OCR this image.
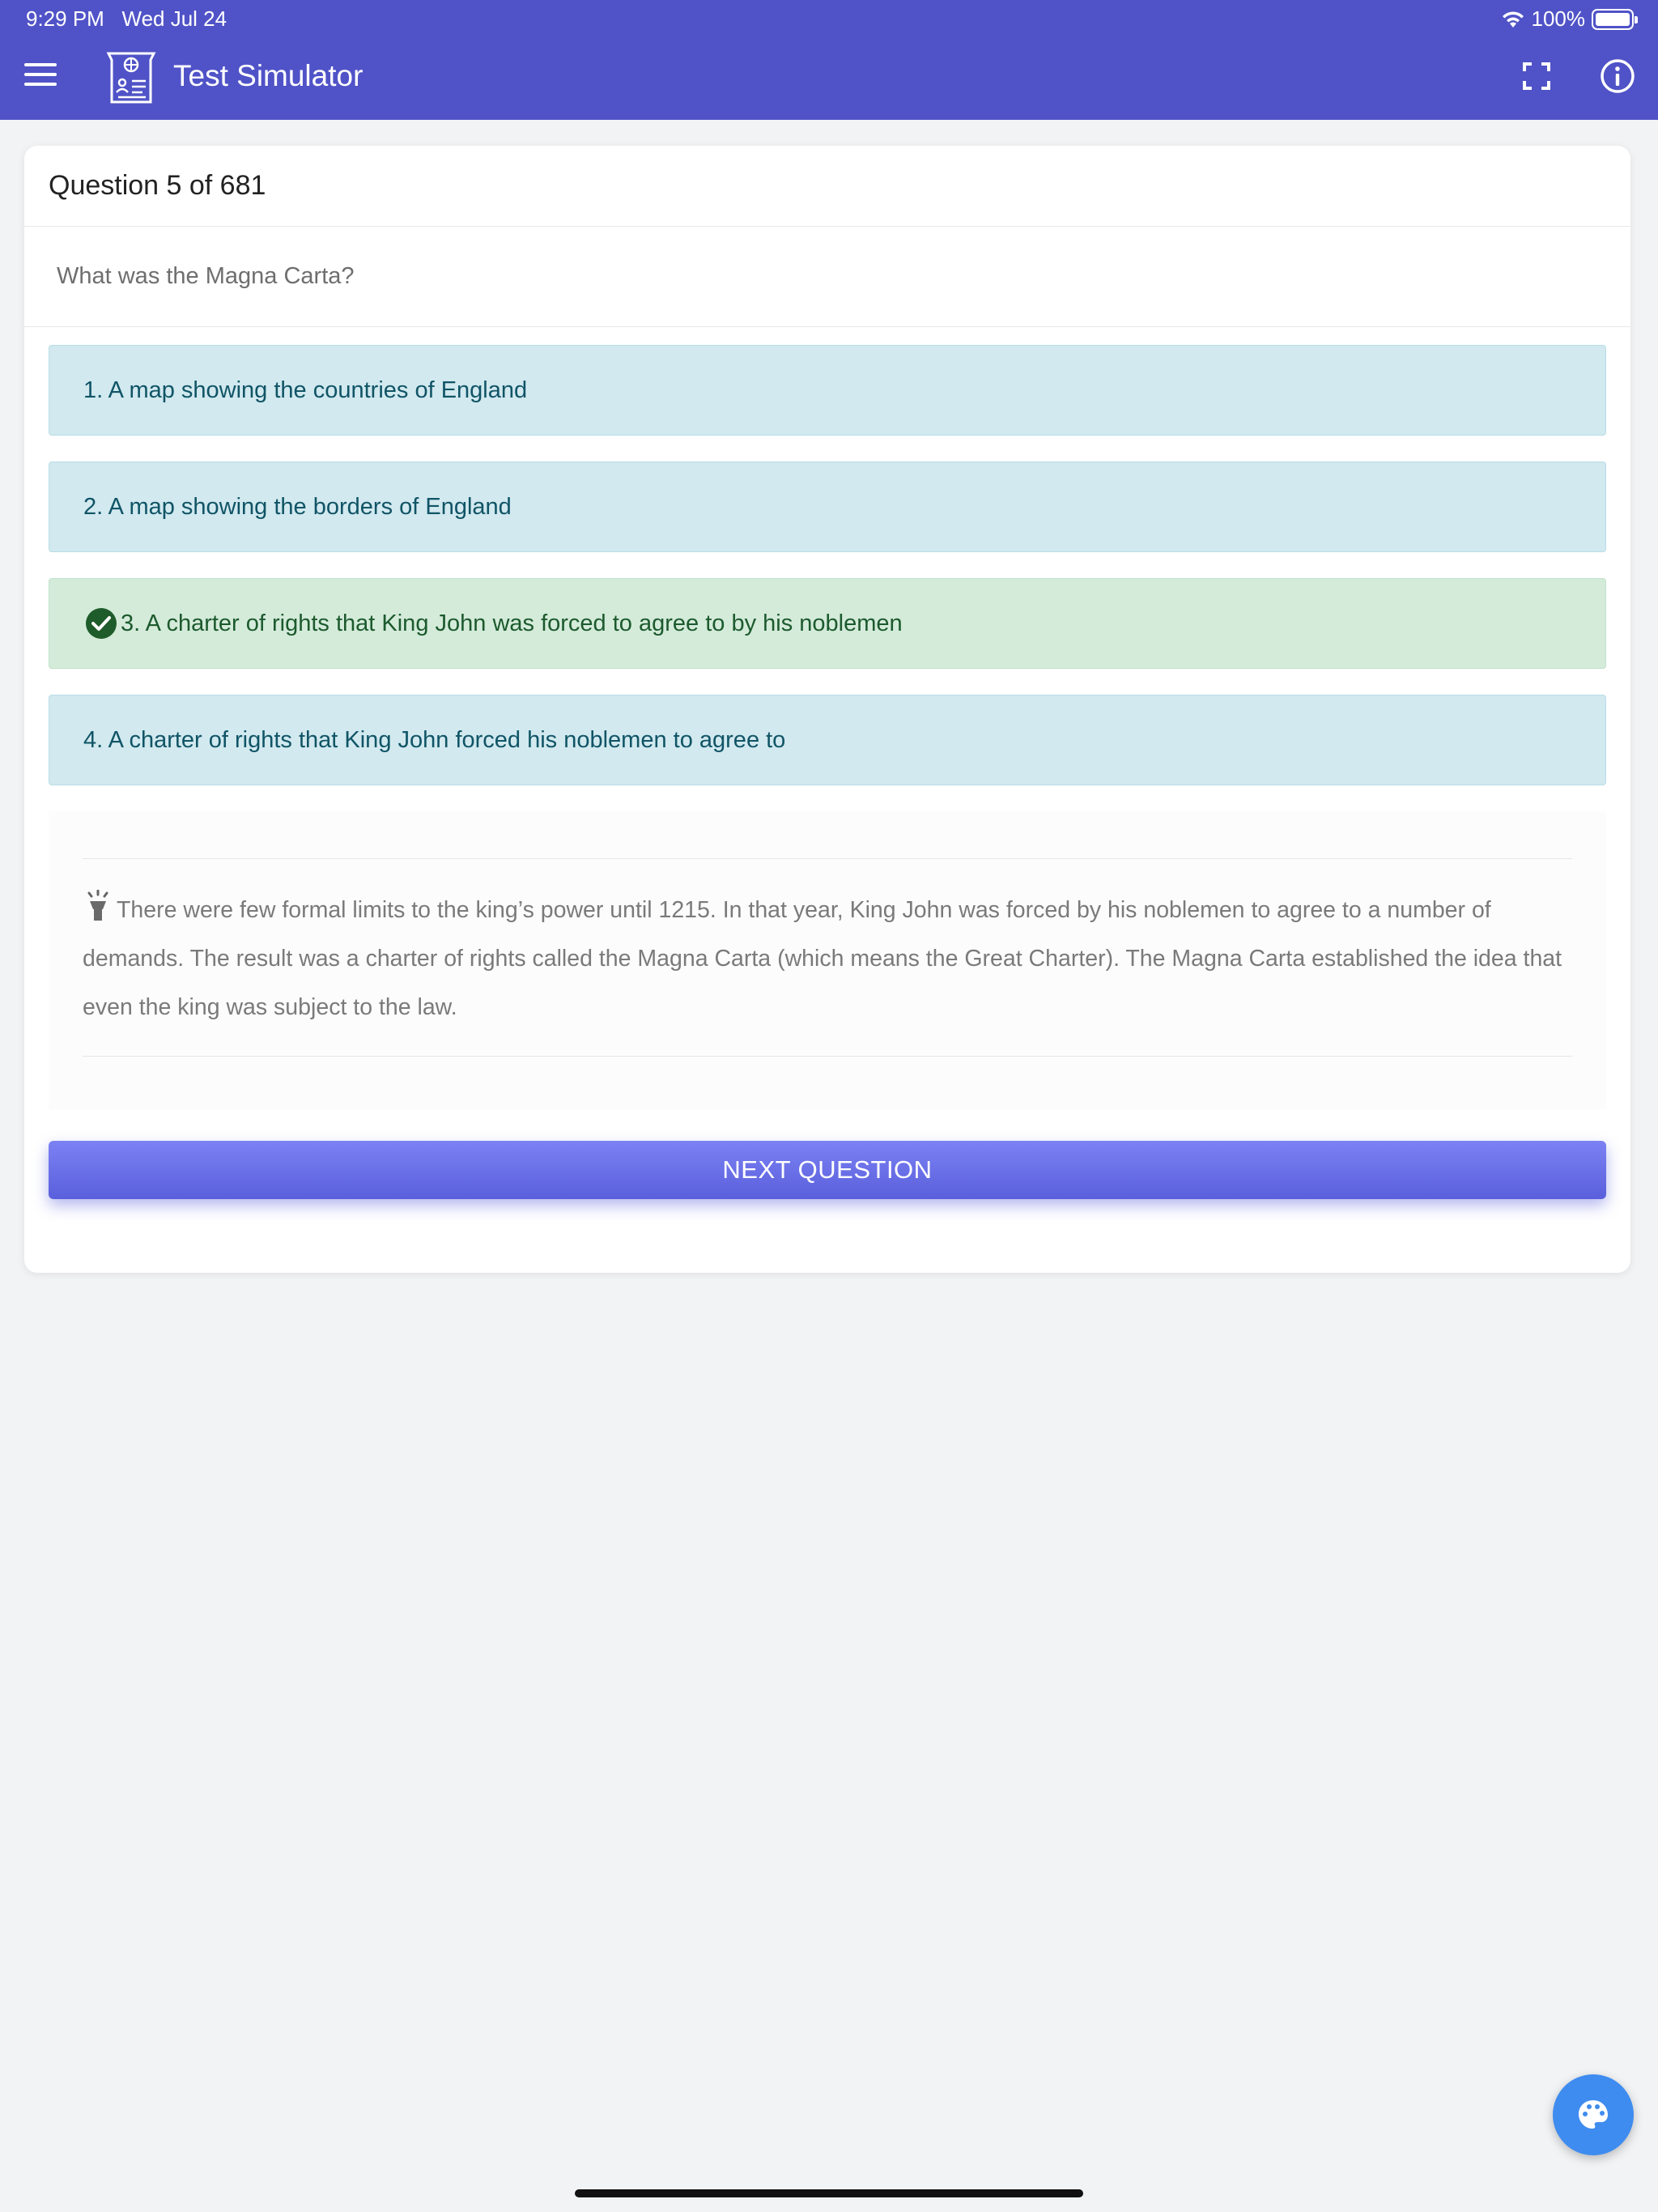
9:29 PM Wed Jul 24	100%
Test Simulator
Question 5 of 681
What was the Magna Carta?
1. A map showing the countries of England
2. A map showing the borders of England
3. A charter of rights that King John was forced to agree to by his noblemen
4. A charter of rights that King John forced his noblemen to agree to
There were few formal limits to the king’s power until 1215. In that year, King John was forced by his noblemen to agree to a number of demands. The result was a charter of rights called the Magna Carta (which means the Great Charter). The Magna Carta established the idea that even the king was subject to the law.
NEXT QUESTION
